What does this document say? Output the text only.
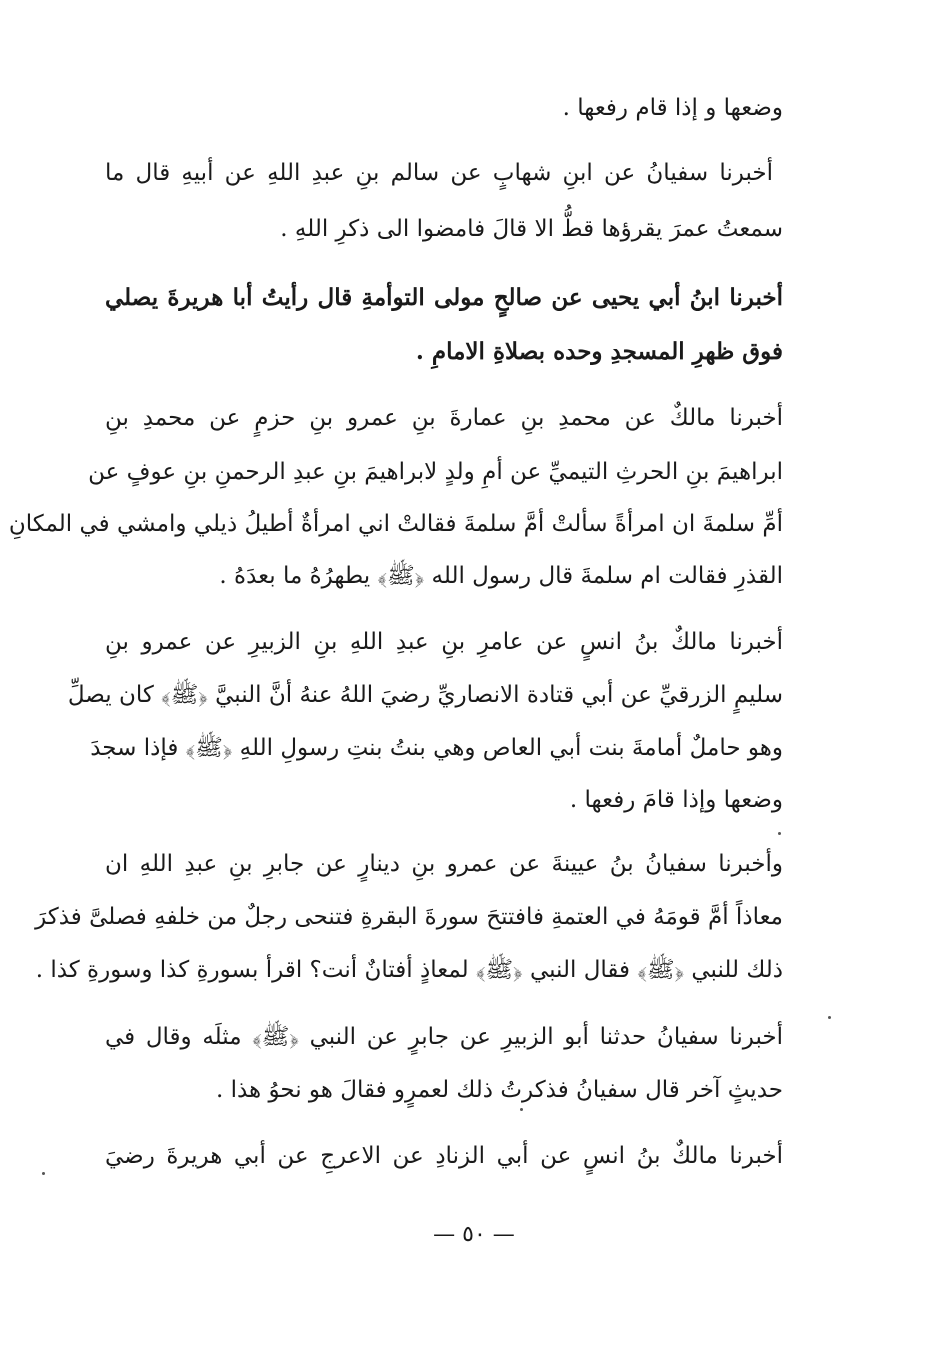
وضعها و إذا قام رفعها .
أخبرنا سفيانُ عن ابنِ شهابٍ عن سالم بنِ عبدِ اللهِ عن أبيهِ قال ما
سمعتُ عمرَ يقرؤها قطُّ الا قالَ فامضوا الى ذكرِ اللهِ .
أخبرنا ابنُ أبي يحيى عن صالحٍ مولى التوأمةِ قال رأيتُ أبا هريرةَ يصلي
فوق ظهرِ المسجدِ وحده بصلاةِ الامامِ .
أخبرنا مالكٌ عن محمدِ بنِ عمارةَ بنِ عمرو بنِ حزمٍ عن محمدِ بنِ
ابراهيمَ بنِ الحرثِ التيميِّ عن أمِ ولدٍ لابراهيمَ بنِ عبدِ الرحمنِ بنِ عوفٍ عن
أمِّ سلمةَ ان امرأةً سألتْ أمَّ سلمةَ فقالتْ اني امرأةٌ أطيلُ ذيلي وامشي في المكانِ
القذرِ فقالت ام سلمةَ قال رسول الله ﴿ﷺ﴾ يطهرُهُ ما بعدَهُ .
أخبرنا مالكٌ بنُ انسٍ عن عامرِ بنِ عبدِ اللهِ بنِ الزبيرِ عن عمرو بنِ
سليمٍ الزرقيِّ عن أبي قتادة الانصاريِّ رضيَ اللهُ عنهُ أنَّ النبيَّ ﴿ﷺ﴾ كان يصلِّ
وهو حاملٌ أمامةَ بنت أبي العاص وهي بنتُ بنتِ رسولِ اللهِ ﴿ﷺ﴾ فإذا سجدَ
وضعها وإذا قامَ رفعها .
وأخبرنا سفيانُ بنُ عيينةَ عن عمرو بنِ دينارٍ عن جابرِ بنِ عبدِ اللهِ ان
معاذاً أمَّ قومَهُ في العتمةِ فافتتحَ سورةَ البقرةِ فتنحى رجلٌ من خلفهِ فصلىَّ فذكرَ
ذلك للنبي ﴿ﷺ﴾ فقال النبي ﴿ﷺ﴾ لمعاذٍ أفتانٌ أنت؟ اقرأ بسورةِ كذا وسورةِ كذا .
أخبرنا سفيانُ حدثنا أبو الزبيرِ عن جابرٍ عن النبي ﴿ﷺ﴾ مثلَه وقال في
حديثٍ آخر قال سفيانُ فذكرتُ ذلك لعمرٍو فقالَ هو نحوُ هذا .
أخبرنا مالكٌ بنُ انسٍ عن أبي الزنادِ عن الاعرجِ عن أبي هريرةَ رضيَ
— ٥٠ —
